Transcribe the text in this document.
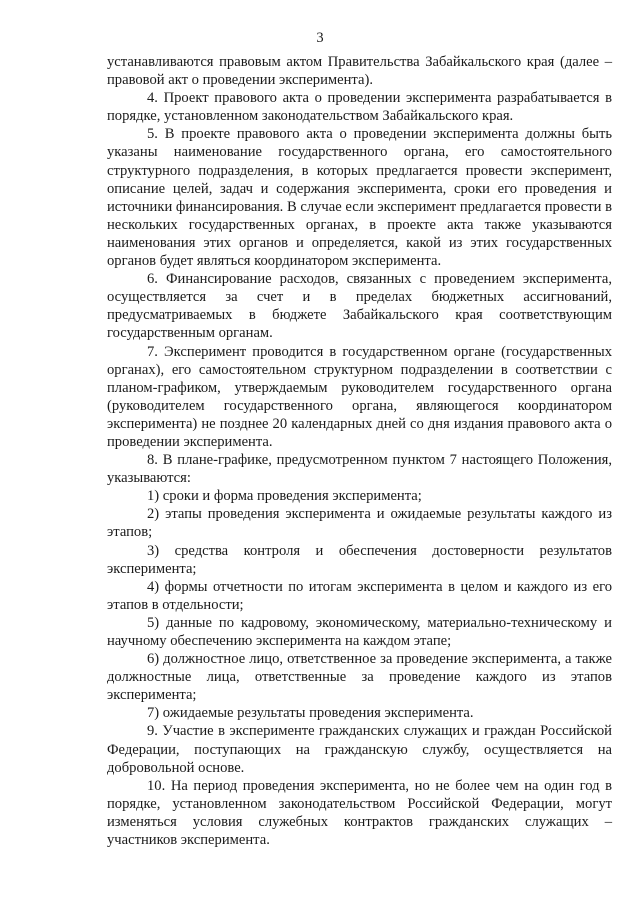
3

устанавливаются правовым актом Правительства Забайкальского края (далее – правовой акт о проведении эксперимента).

4. Проект правового акта о проведении эксперимента разрабатывается в порядке, установленном законодательством Забайкальского края.

5. В проекте правового акта о проведении эксперимента должны быть указаны наименование государственного органа, его самостоятельного структурного подразделения, в которых предлагается провести эксперимент, описание целей, задач и содержания эксперимента, сроки его проведения и источники финансирования. В случае если эксперимент предлагается провести в нескольких государственных органах, в проекте акта также указываются наименования этих органов и определяется, какой из этих государственных органов будет являться координатором эксперимента.

6. Финансирование расходов, связанных с проведением эксперимента, осуществляется за счет и в пределах бюджетных ассигнований, предусматриваемых в бюджете Забайкальского края соответствующим государственным органам.

7. Эксперимент проводится в государственном органе (государственных органах), его самостоятельном структурном подразделении в соответствии с планом-графиком, утверждаемым руководителем государственного органа (руководителем государственного органа, являющегося координатором эксперимента) не позднее 20 календарных дней со дня издания правового акта о проведении эксперимента.

8. В плане-графике, предусмотренном пунктом 7 настоящего Положения, указываются:

1) сроки и форма проведения эксперимента;

2) этапы проведения эксперимента и ожидаемые результаты каждого из этапов;

3) средства контроля и обеспечения достоверности результатов эксперимента;

4) формы отчетности по итогам эксперимента в целом и каждого из его этапов в отдельности;

5) данные по кадровому, экономическому, материально-техническому и научному обеспечению эксперимента на каждом этапе;

6) должностное лицо, ответственное за проведение эксперимента, а также должностные лица, ответственные за проведение каждого из этапов эксперимента;

7) ожидаемые результаты проведения эксперимента.

9. Участие в эксперименте гражданских служащих и граждан Российской Федерации, поступающих на гражданскую службу, осуществляется на добровольной основе.

10. На период проведения эксперимента, но не более чем на один год в порядке, установленном законодательством Российской Федерации, могут изменяться условия служебных контрактов гражданских служащих – участников эксперимента.
